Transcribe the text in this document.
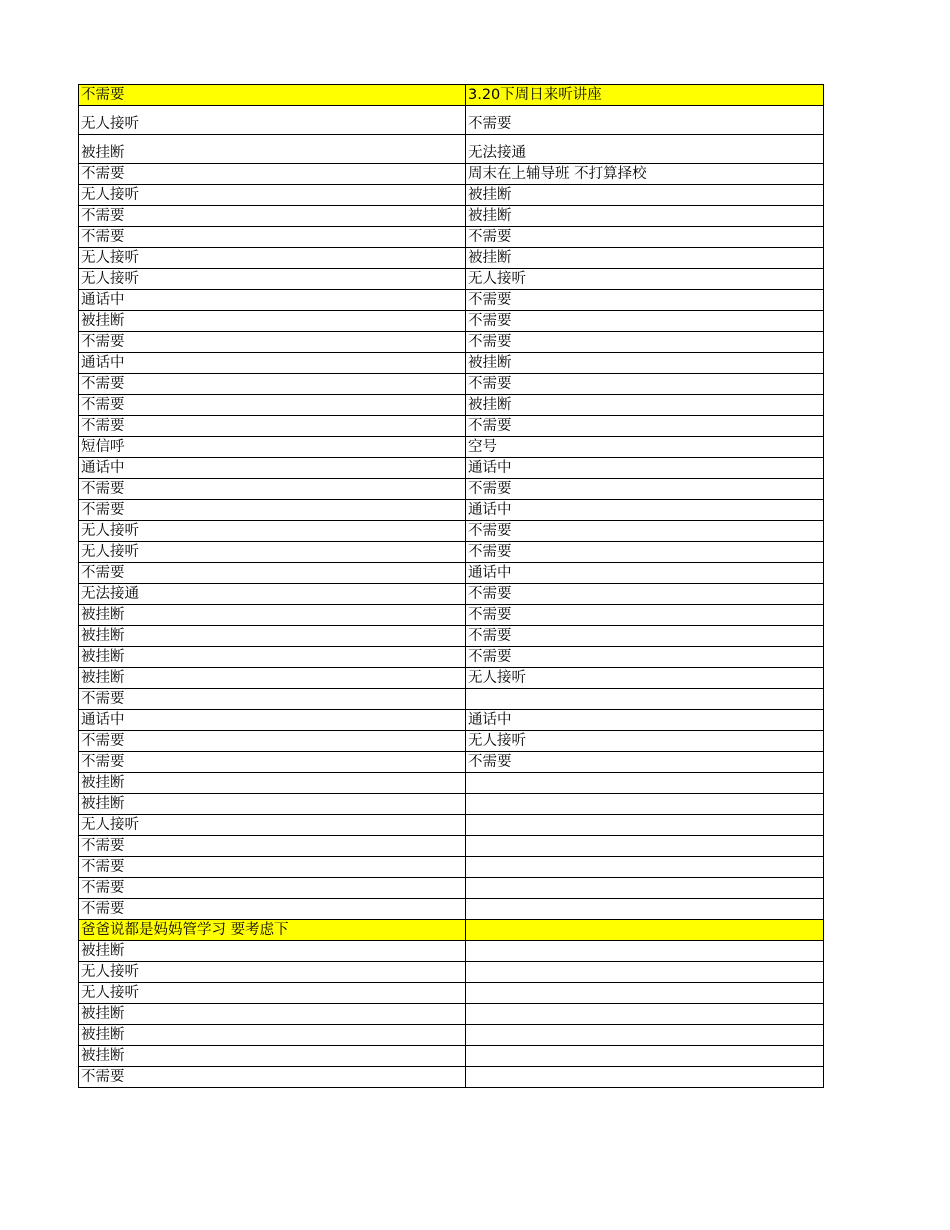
不需要	3.20下周日来听讲座
无人接听	不需要
被挂断	无法接通
不需要	周末在上辅导班 不打算择校
无人接听	被挂断
不需要	被挂断
不需要	不需要
无人接听	被挂断
无人接听	无人接听
通话中	不需要
被挂断	不需要
不需要	不需要
通话中	被挂断
不需要	不需要
不需要	被挂断
不需要	不需要
短信呼	空号
通话中	通话中
不需要	不需要
不需要	通话中
无人接听	不需要
无人接听	不需要
不需要	通话中
无法接通	不需要
被挂断	不需要
被挂断	不需要
被挂断	不需要
被挂断	无人接听
不需要	
通话中	通话中
不需要	无人接听
不需要	不需要
被挂断	
被挂断	
无人接听	
不需要	
不需要	
不需要	
不需要	
爸爸说都是妈妈管学习 要考虑下	
被挂断	
无人接听	
无人接听	
被挂断	
被挂断	
被挂断	
不需要	
